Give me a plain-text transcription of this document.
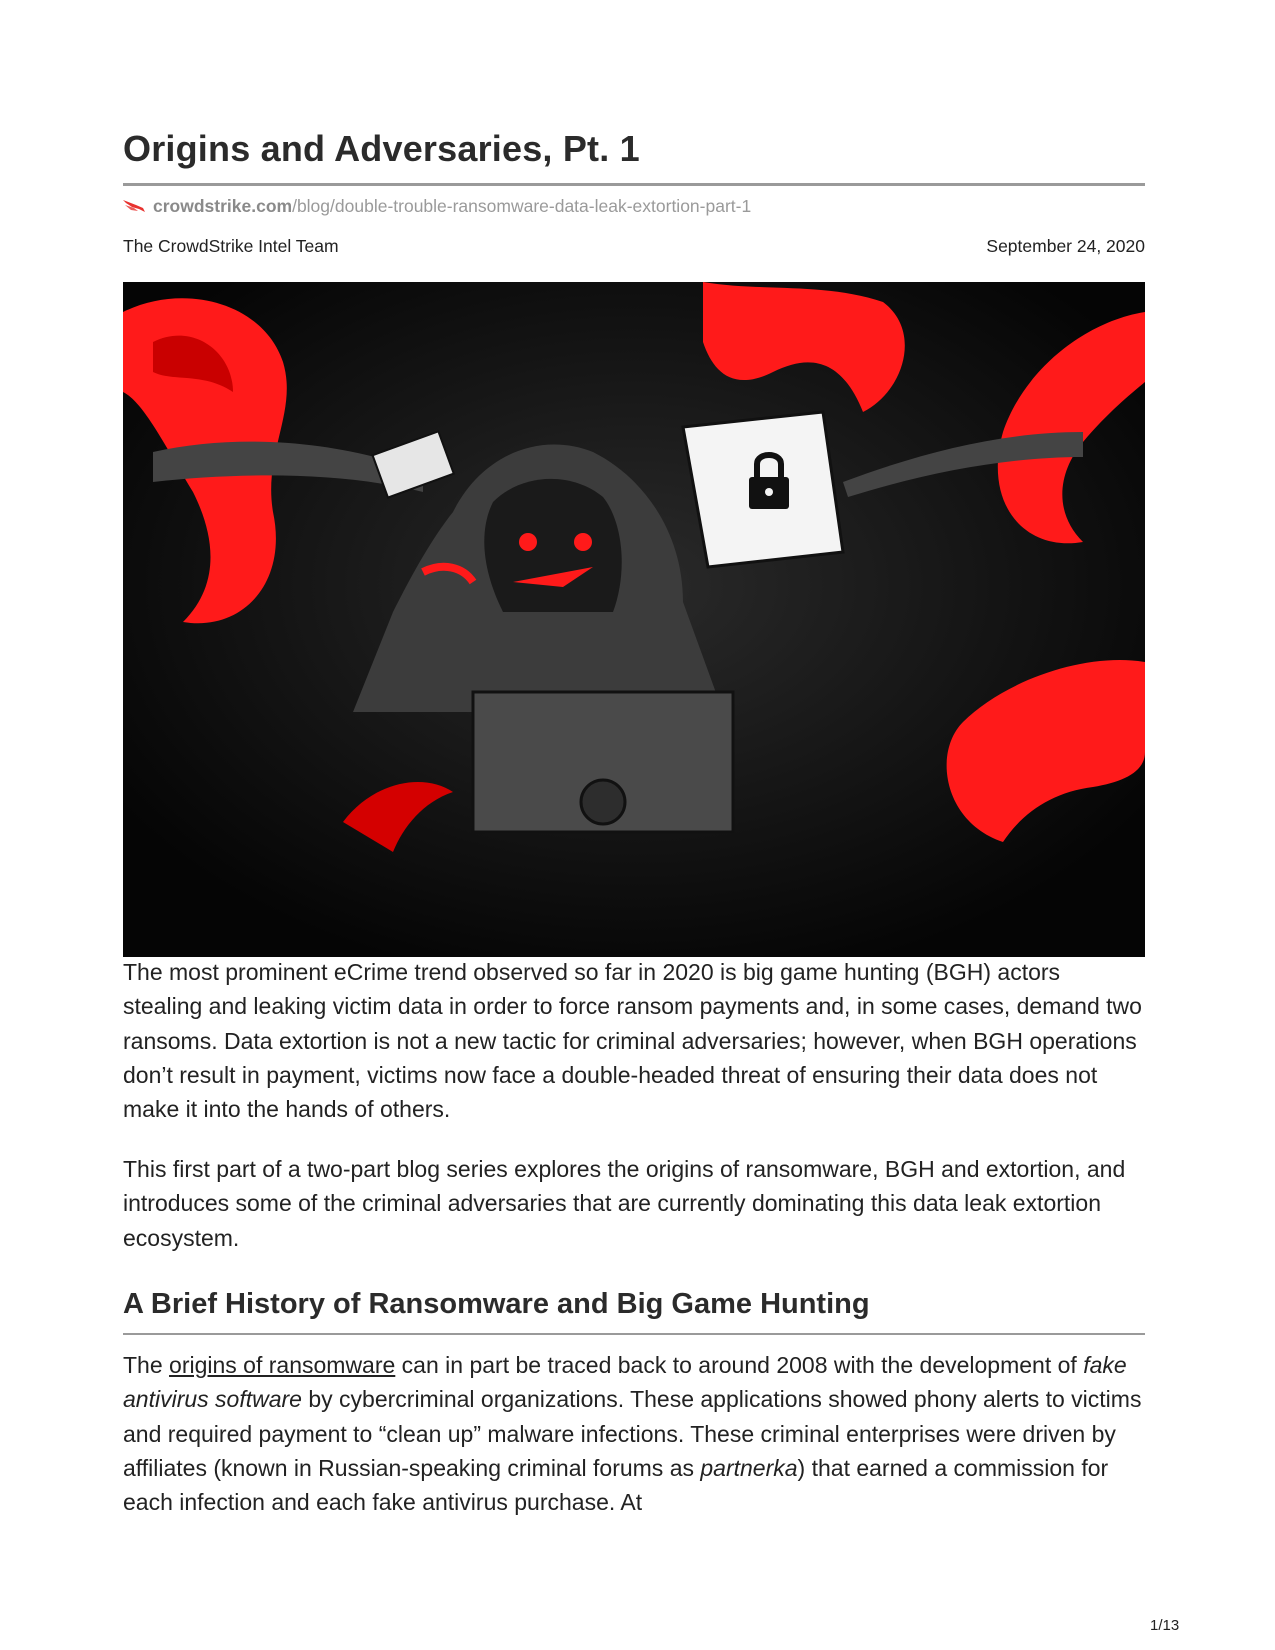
Origins and Adversaries, Pt. 1
crowdstrike.com/blog/double-trouble-ransomware-data-leak-extortion-part-1
The CrowdStrike Intel Team	September 24, 2020

The most prominent eCrime trend observed so far in 2020 is big game hunting (BGH) actors stealing and leaking victim data in order to force ransom payments and, in some cases, demand two ransoms. Data extortion is not a new tactic for criminal adversaries; however, when BGH operations don’t result in payment, victims now face a double-headed threat of ensuring their data does not make it into the hands of others.

This first part of a two-part blog series explores the origins of ransomware, BGH and extortion, and introduces some of the criminal adversaries that are currently dominating this data leak extortion ecosystem.

A Brief History of Ransomware and Big Game Hunting

The origins of ransomware can in part be traced back to around 2008 with the development of fake antivirus software by cybercriminal organizations. These applications showed phony alerts to victims and required payment to “clean up” malware infections. These criminal enterprises were driven by affiliates (known in Russian-speaking criminal forums as partnerka) that earned a commission for each infection and each fake antivirus purchase. At

1/13
